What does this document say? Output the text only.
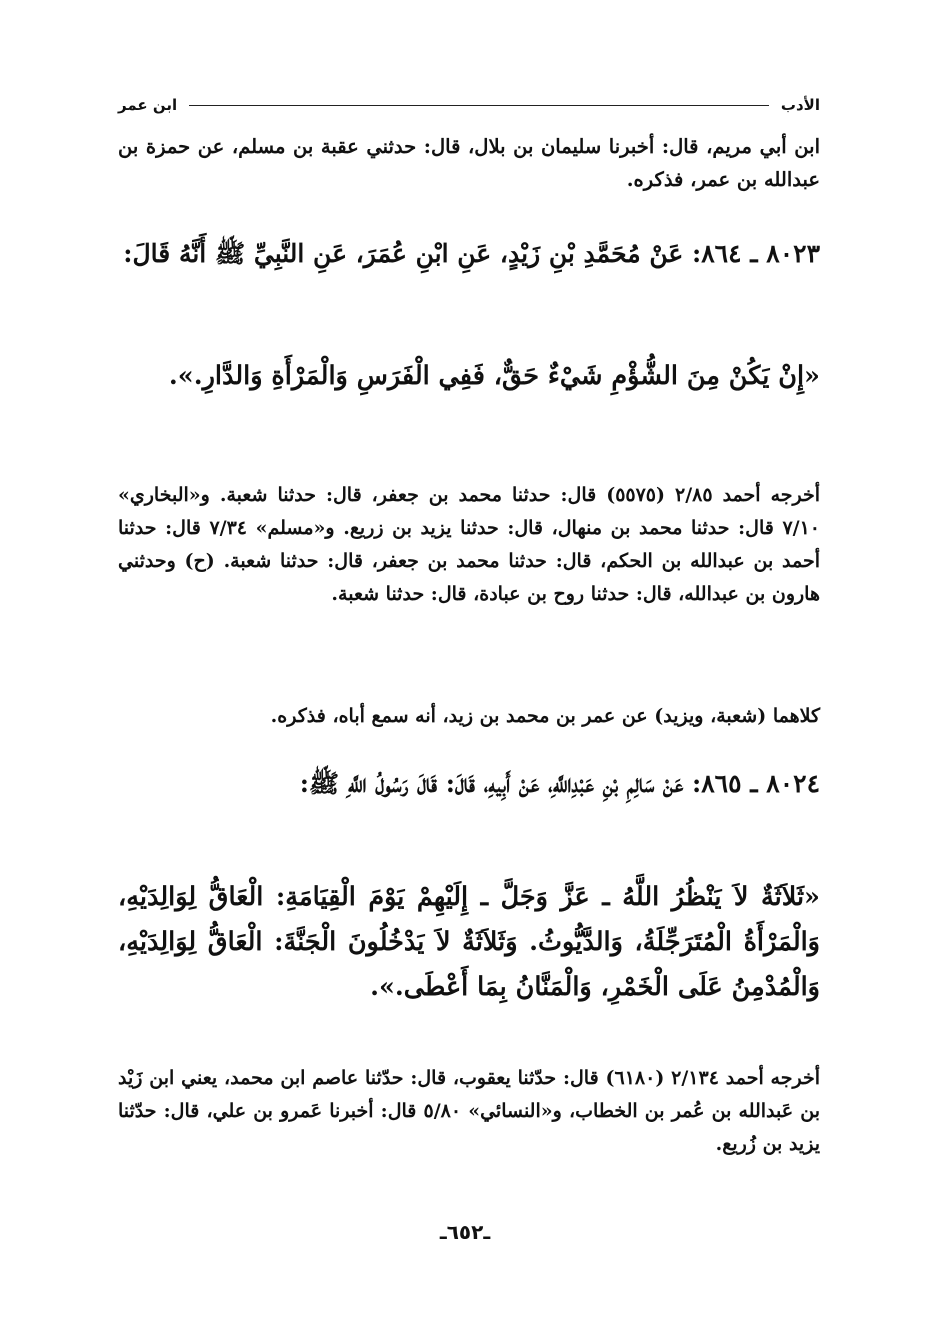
الأدب
ابن عمر

ابن أبي مريم، قال: أخبرنا سليمان بن بلال، قال: حدثني عقبة بن مسلم، عن حمزة بن عبدالله بن عمر، فذكره.

٨٠٢٣ ـ ٨٦٤: عَنْ مُحَمَّدِ بْنِ زَيْدٍ، عَنِ ابْنِ عُمَرَ، عَنِ النَّبِيِّ ﷺ أَنَّهُ قَالَ:

«إِنْ يَكُنْ مِنَ الشُّؤْمِ شَيْءٌ حَقٌّ، فَفِي الْفَرَسِ وَالْمَرْأَةِ وَالدَّارِ.».

أخرجه أحمد ٢/٨٥ (٥٥٧٥) قال: حدثنا محمد بن جعفر، قال: حدثنا شعبة. و«البخاري» ٧/١٠ قال: حدثنا محمد بن منهال، قال: حدثنا يزيد بن زريع. و«مسلم» ٧/٣٤ قال: حدثنا أحمد بن عبدالله بن الحكم، قال: حدثنا محمد بن جعفر، قال: حدثنا شعبة. (ح) وحدثني هارون بن عبدالله، قال: حدثنا روح بن عبادة، قال: حدثنا شعبة.

كلاهما (شعبة، ويزيد) عن عمر بن محمد بن زيد، أنه سمع أباه، فذكره.

٨٠٢٤ ـ ٨٦٥: عَنْ سَالِمِ بْنِ عَبْدِاللَّهِ، عَنْ أَبِيهِ، قَالَ: قَالَ رَسُولُ اللَّهِ ﷺ:

«ثَلاَثَةٌ لاَ يَنْظُرُ اللَّهُ ـ عَزَّ وَجَلَّ ـ إِلَيْهِمْ يَوْمَ الْقِيَامَةِ: الْعَاقُّ لِوَالِدَيْهِ، وَالْمَرْأَةُ الْمُتَرَجِّلَةُ، وَالدَّيُّوثُ. وَثَلاَثَةٌ لاَ يَدْخُلُونَ الْجَنَّةَ: الْعَاقُّ لِوَالِدَيْهِ، وَالْمُدْمِنُ عَلَى الْخَمْرِ، وَالْمَنَّانُ بِمَا أَعْطَى.».

أخرجه أحمد ٢/١٣٤ (٦١٨٠) قال: حدّثنا يعقوب، قال: حدّثنا عاصم ابن محمد، يعني ابن زَيْد بن عَبدالله بن عُمر بن الخطاب، و«النسائي» ٥/٨٠ قال: أخبرنا عَمرو بن علي، قال: حدّثنا يزيد بن زُريع.

ـ٦٥٢ـ
